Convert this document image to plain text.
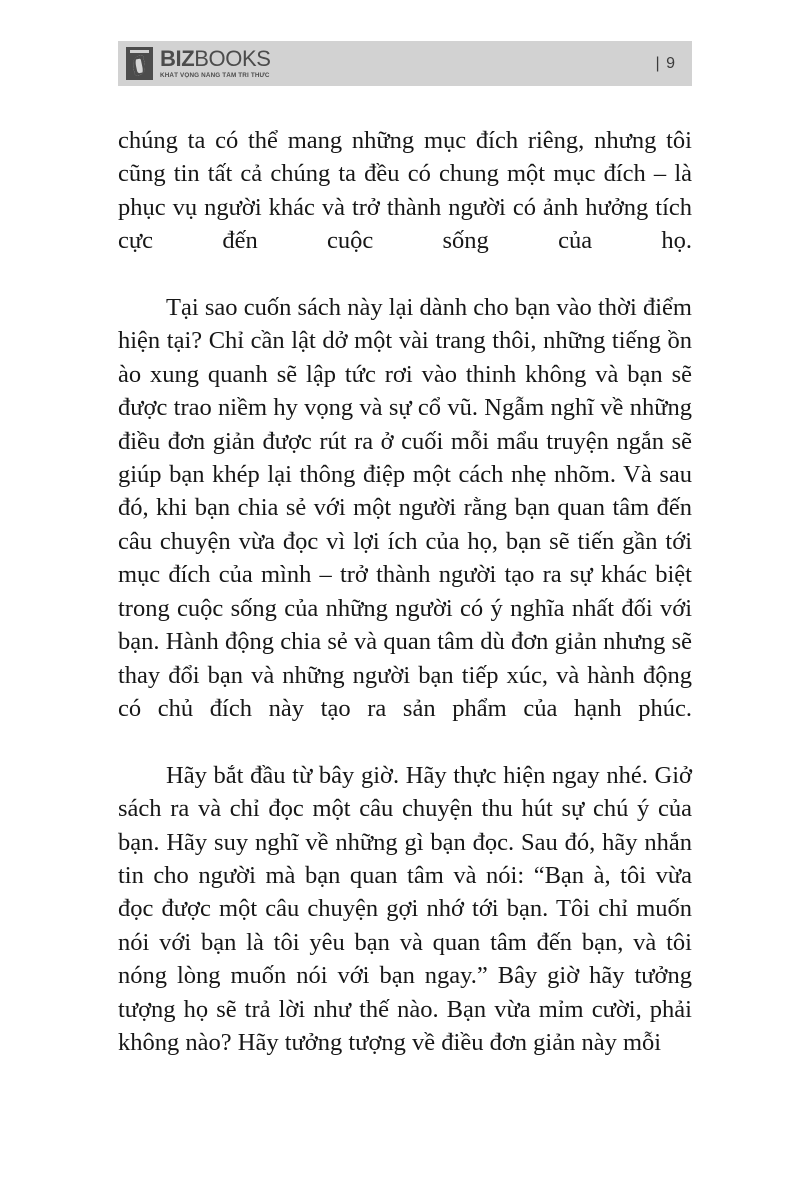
BIZBOOKS
KHÁT VỌNG NÂNG TẦM TRI THỨC
| 9

chúng ta có thể mang những mục đích riêng, nhưng tôi cũng tin tất cả chúng ta đều có chung một mục đích – là phục vụ người khác và trở thành người có ảnh hưởng tích cực đến cuộc sống của họ.

Tại sao cuốn sách này lại dành cho bạn vào thời điểm hiện tại? Chỉ cần lật dở một vài trang thôi, những tiếng ồn ào xung quanh sẽ lập tức rơi vào thinh không và bạn sẽ được trao niềm hy vọng và sự cổ vũ. Ngẫm nghĩ về những điều đơn giản được rút ra ở cuối mỗi mẩu truyện ngắn sẽ giúp bạn khép lại thông điệp một cách nhẹ nhõm. Và sau đó, khi bạn chia sẻ với một người rằng bạn quan tâm đến câu chuyện vừa đọc vì lợi ích của họ, bạn sẽ tiến gần tới mục đích của mình – trở thành người tạo ra sự khác biệt trong cuộc sống của những người có ý nghĩa nhất đối với bạn. Hành động chia sẻ và quan tâm dù đơn giản nhưng sẽ thay đổi bạn và những người bạn tiếp xúc, và hành động có chủ đích này tạo ra sản phẩm của hạnh phúc.

Hãy bắt đầu từ bây giờ. Hãy thực hiện ngay nhé. Giở sách ra và chỉ đọc một câu chuyện thu hút sự chú ý của bạn. Hãy suy nghĩ về những gì bạn đọc. Sau đó, hãy nhắn tin cho người mà bạn quan tâm và nói: “Bạn à, tôi vừa đọc được một câu chuyện gợi nhớ tới bạn. Tôi chỉ muốn nói với bạn là tôi yêu bạn và quan tâm đến bạn, và tôi nóng lòng muốn nói với bạn ngay.” Bây giờ hãy tưởng tượng họ sẽ trả lời như thế nào. Bạn vừa mỉm cười, phải không nào? Hãy tưởng tượng về điều đơn giản này mỗi
